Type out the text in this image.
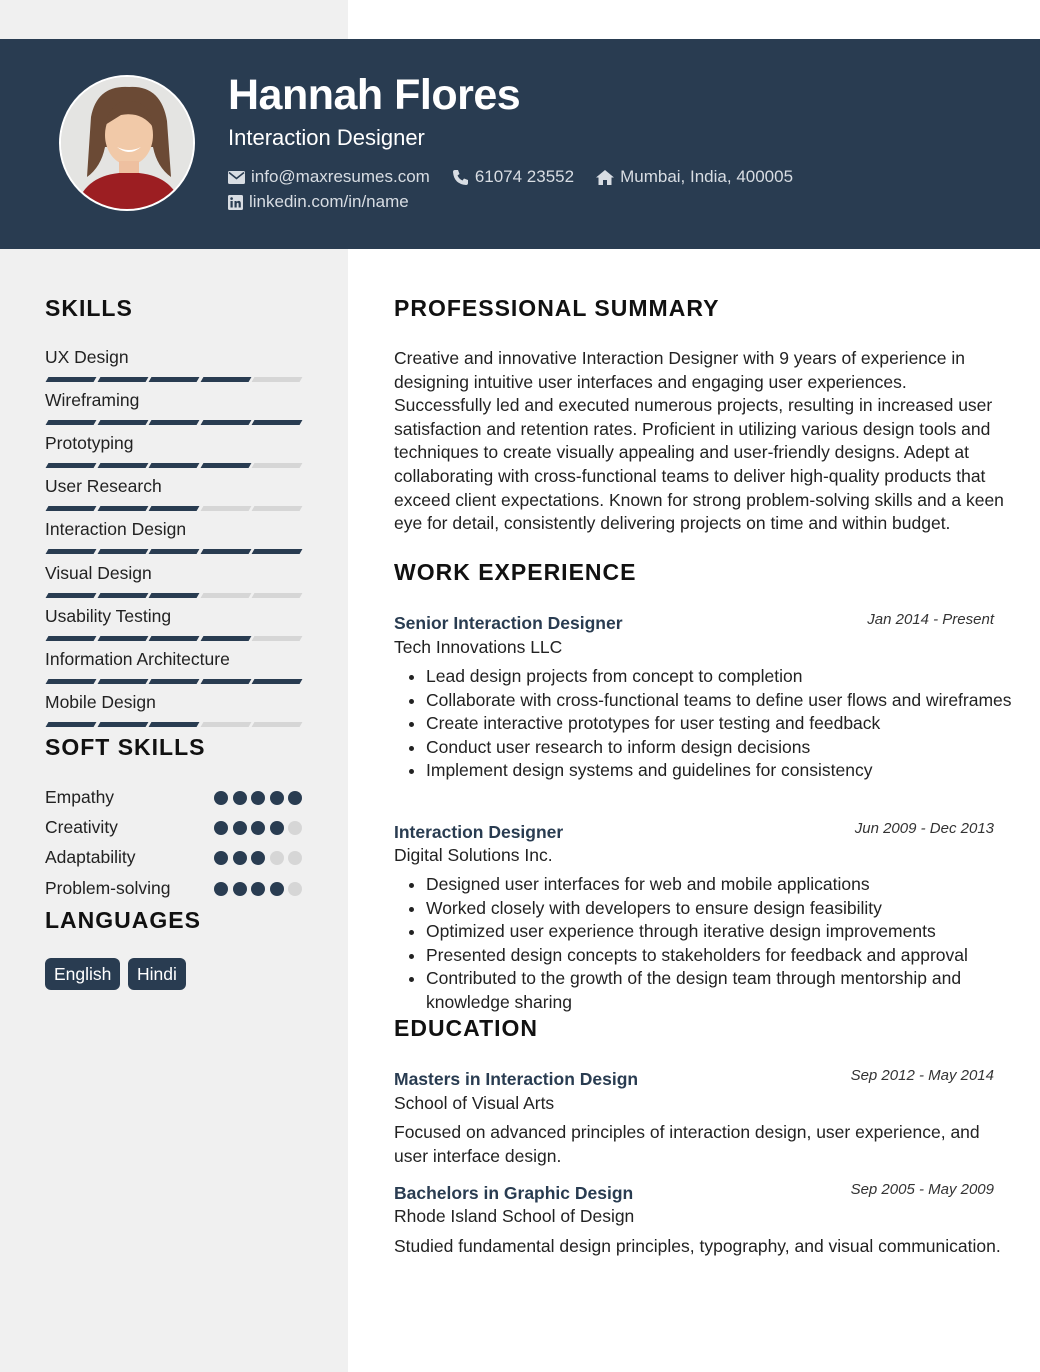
Hannah Flores
Interaction Designer
info@maxresumes.com	61074 23552	Mumbai, India, 400005
linkedin.com/in/name
SKILLS
UX Design
Wireframing
Prototyping
User Research
Interaction Design
Visual Design
Usability Testing
Information Architecture
Mobile Design
SOFT SKILLS
Empathy
Creativity
Adaptability
Problem-solving
LANGUAGES
English	Hindi
PROFESSIONAL SUMMARY
Creative and innovative Interaction Designer with 9 years of experience in designing intuitive user interfaces and engaging user experiences. Successfully led and executed numerous projects, resulting in increased user satisfaction and retention rates. Proficient in utilizing various design tools and techniques to create visually appealing and user-friendly designs. Adept at collaborating with cross-functional teams to deliver high-quality products that exceed client expectations. Known for strong problem-solving skills and a keen eye for detail, consistently delivering projects on time and within budget.
WORK EXPERIENCE
Senior Interaction Designer	Jan 2014 - Present
Tech Innovations LLC
• Lead design projects from concept to completion
• Collaborate with cross-functional teams to define user flows and wireframes
• Create interactive prototypes for user testing and feedback
• Conduct user research to inform design decisions
• Implement design systems and guidelines for consistency
Interaction Designer	Jun 2009 - Dec 2013
Digital Solutions Inc.
• Designed user interfaces for web and mobile applications
• Worked closely with developers to ensure design feasibility
• Optimized user experience through iterative design improvements
• Presented design concepts to stakeholders for feedback and approval
• Contributed to the growth of the design team through mentorship and knowledge sharing
EDUCATION
Masters in Interaction Design	Sep 2012 - May 2014
School of Visual Arts
Focused on advanced principles of interaction design, user experience, and user interface design.
Bachelors in Graphic Design	Sep 2005 - May 2009
Rhode Island School of Design
Studied fundamental design principles, typography, and visual communication.
